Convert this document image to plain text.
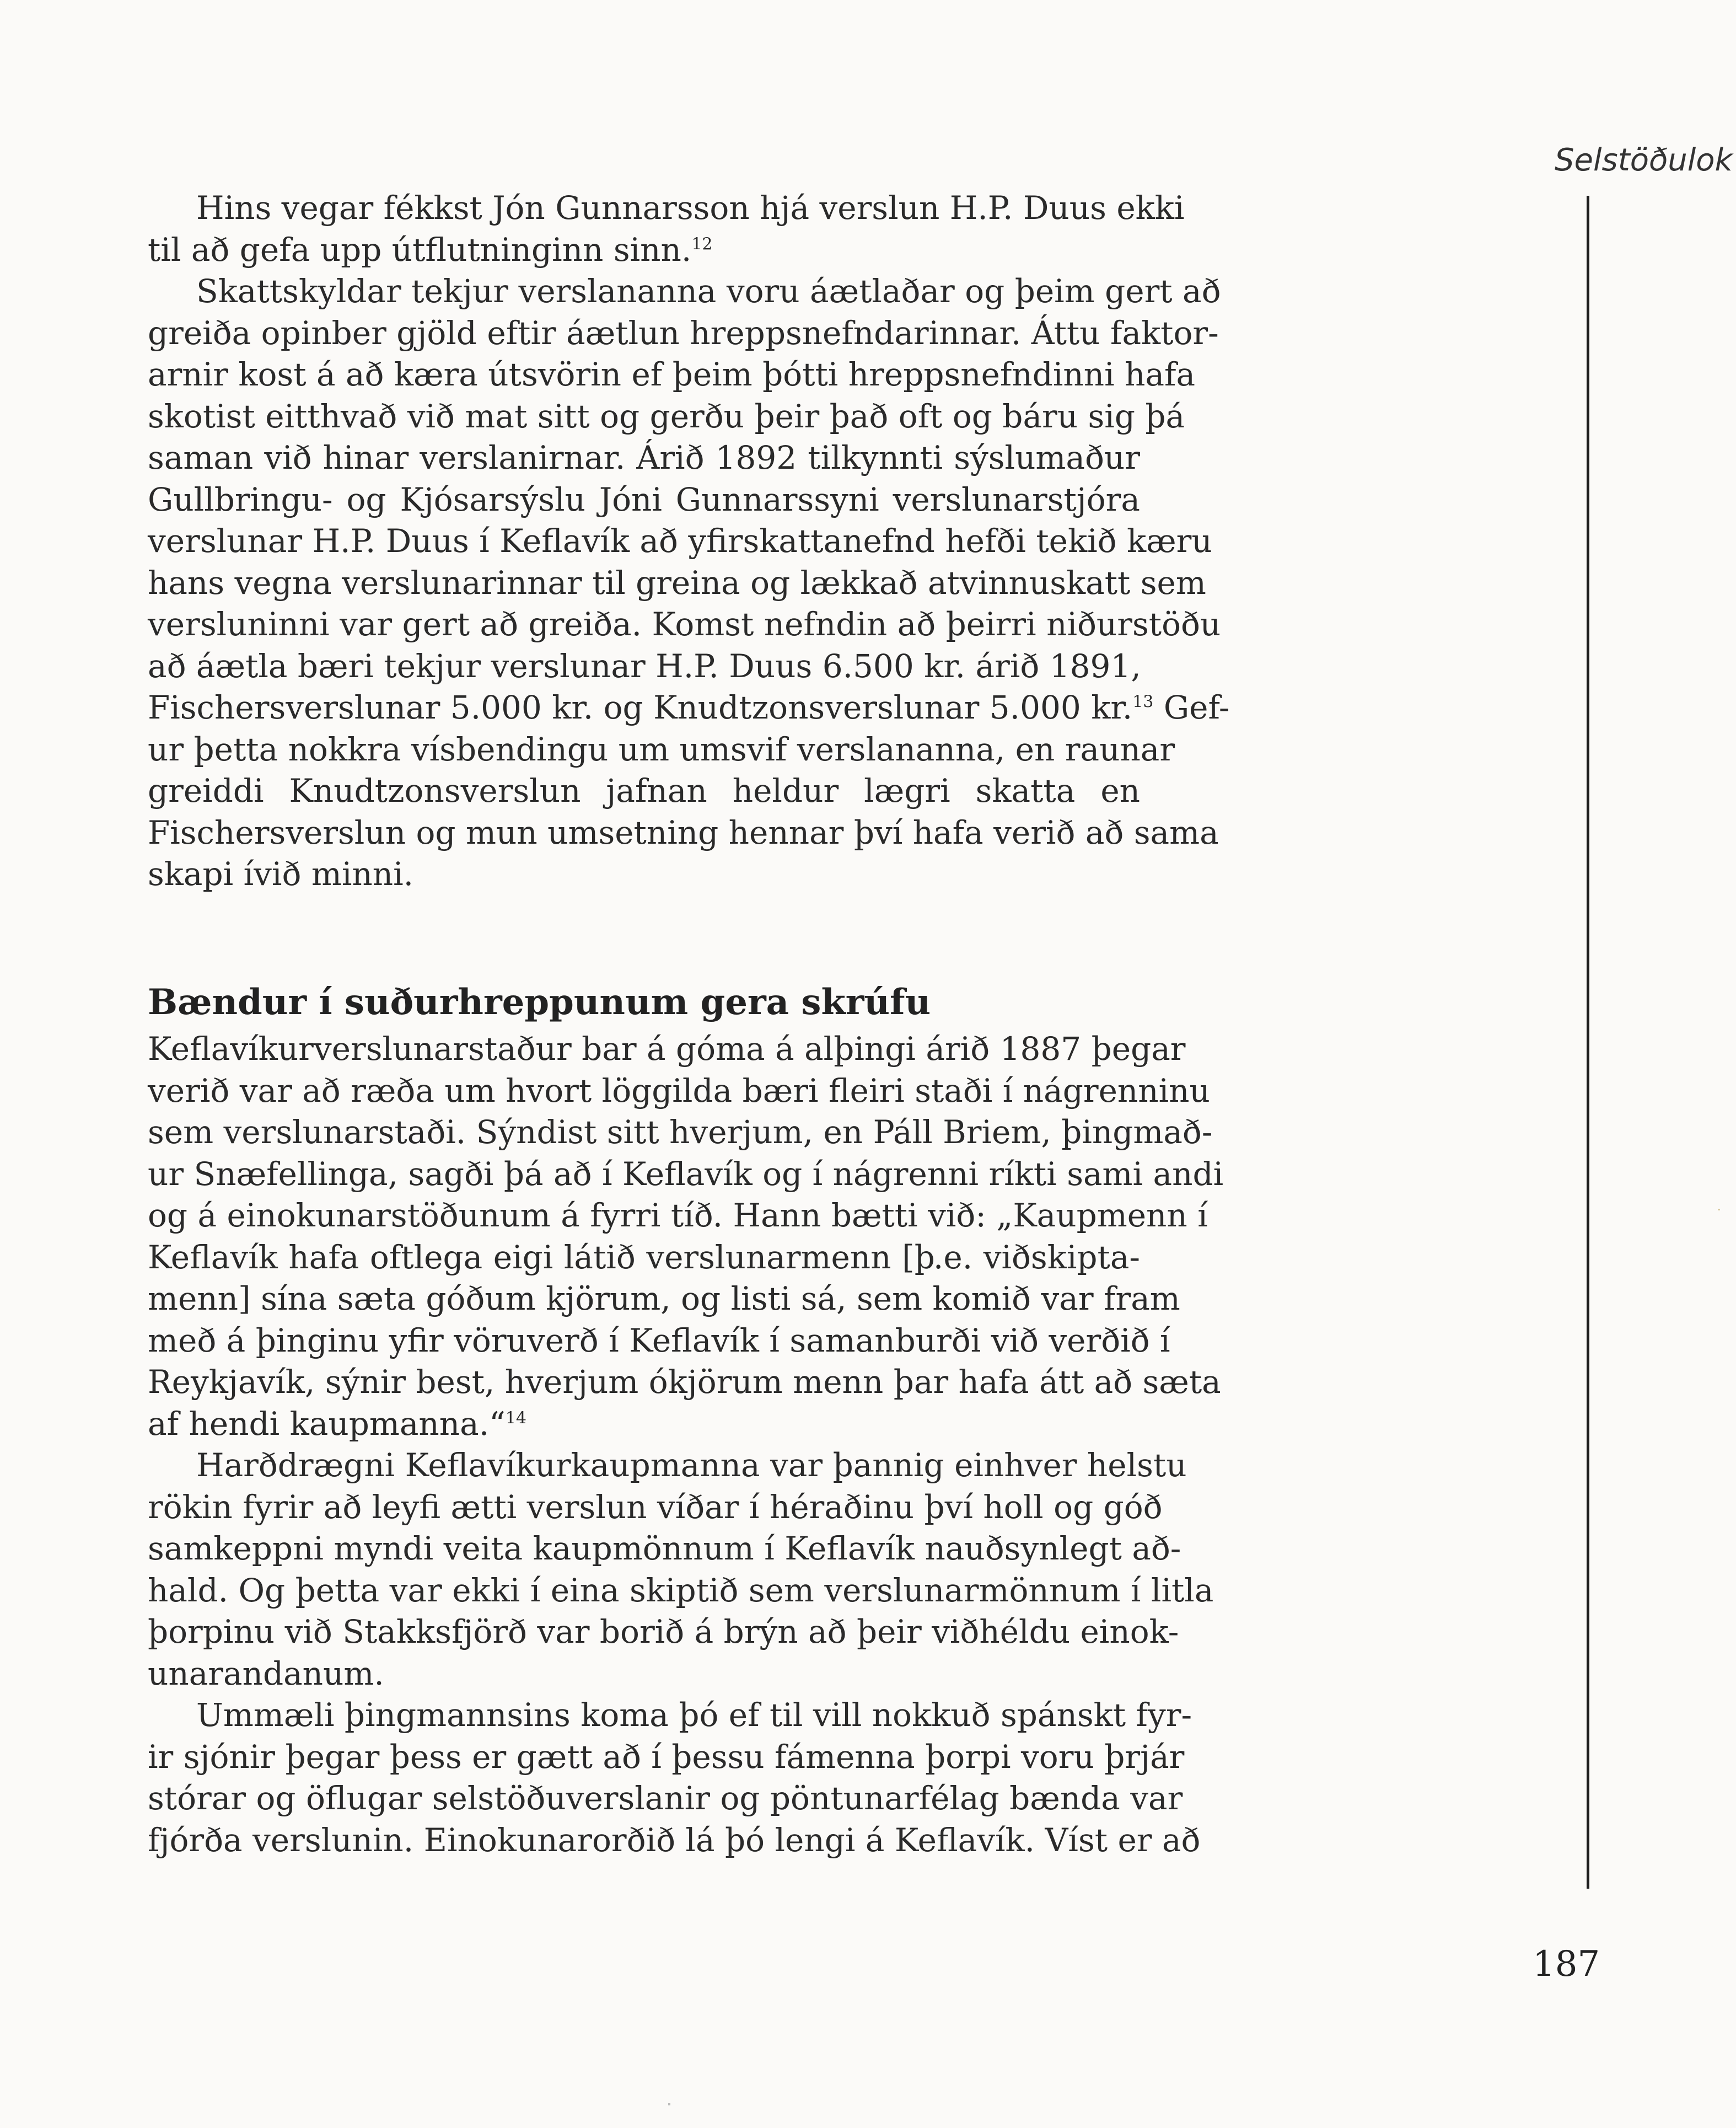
Selstöðulok
Hins vegar fékkst Jón Gunnarsson hjá verslun H.P. Duus ekki
til að gefa upp útflutninginn sinn.$^{12}$
Skattskyldar tekjur verslananna voru áætlaðar og þeim gert að
greiða opinber gjöld eftir áætlun hreppsnefndarinnar. Áttu faktor-
arnir kost á að kæra útsvörin ef þeim þótti hreppsnefndinni hafa
skotist eitthvað við mat sitt og gerðu þeir það oft og báru sig þá
saman við hinar verslanirnar. Árið 1892 tilkynnti sýslumaður
Gullbringu- og Kjósarsýslu Jóni Gunnarssyni verslunarstjóra
verslunar H.P. Duus í Keflavík að yfirskattanefnd hefði tekið kæru
hans vegna verslunarinnar til greina og lækkað atvinnuskatt sem
versluninni var gert að greiða. Komst nefndin að þeirri niðurstöðu
að áætla bæri tekjur verslunar H.P. Duus 6.500 kr. árið 1891,
Fischersverslunar 5.000 kr. og Knudtzonsverslunar 5.000 kr.$^{13}$ Gef-
ur þetta nokkra vísbendingu um umsvif verslananna, en raunar
greiddi Knudtzonsverslun jafnan heldur lægri skatta en
Fischersverslun og mun umsetning hennar því hafa verið að sama
skapi ívið minni.
Bændur í suðurhreppunum gera skrúfu
Keflavíkurverslunarstaður bar á góma á alþingi árið 1887 þegar
verið var að ræða um hvort löggilda bæri fleiri staði í nágrenninu
sem verslunarstaði. Sýndist sitt hverjum, en Páll Briem, þingmað-
ur Snæfellinga, sagði þá að í Keflavík og í nágrenni ríkti sami andi
og á einokunarstöðunum á fyrri tíð. Hann bætti við: „Kaupmenn í
Keflavík hafa oftlega eigi látið verslunarmenn [þ.e. viðskipta-
menn] sína sæta góðum kjörum, og listi sá, sem komið var fram
með á þinginu yfir vöruverð í Keflavík í samanburði við verðið í
Reykjavík, sýnir best, hverjum ókjörum menn þar hafa átt að sæta
af hendi kaupmanna.“$^{14}$
Harðdrægni Keflavíkurkaupmanna var þannig einhver helstu
rökin fyrir að leyfi ætti verslun víðar í héraðinu því holl og góð
samkeppni myndi veita kaupmönnum í Keflavík nauðsynlegt að-
hald. Og þetta var ekki í eina skiptið sem verslunarmönnum í litla
þorpinu við Stakksfjörð var borið á brýn að þeir viðhéldu einok-
unarandanum.
Ummæli þingmannsins koma þó ef til vill nokkuð spánskt fyr-
ir sjónir þegar þess er gætt að í þessu fámenna þorpi voru þrjár
stórar og öflugar selstöðuverslanir og pöntunarfélag bænda var
fjórða verslunin. Einokunarorðið lá þó lengi á Keflavík. Víst er að
187
